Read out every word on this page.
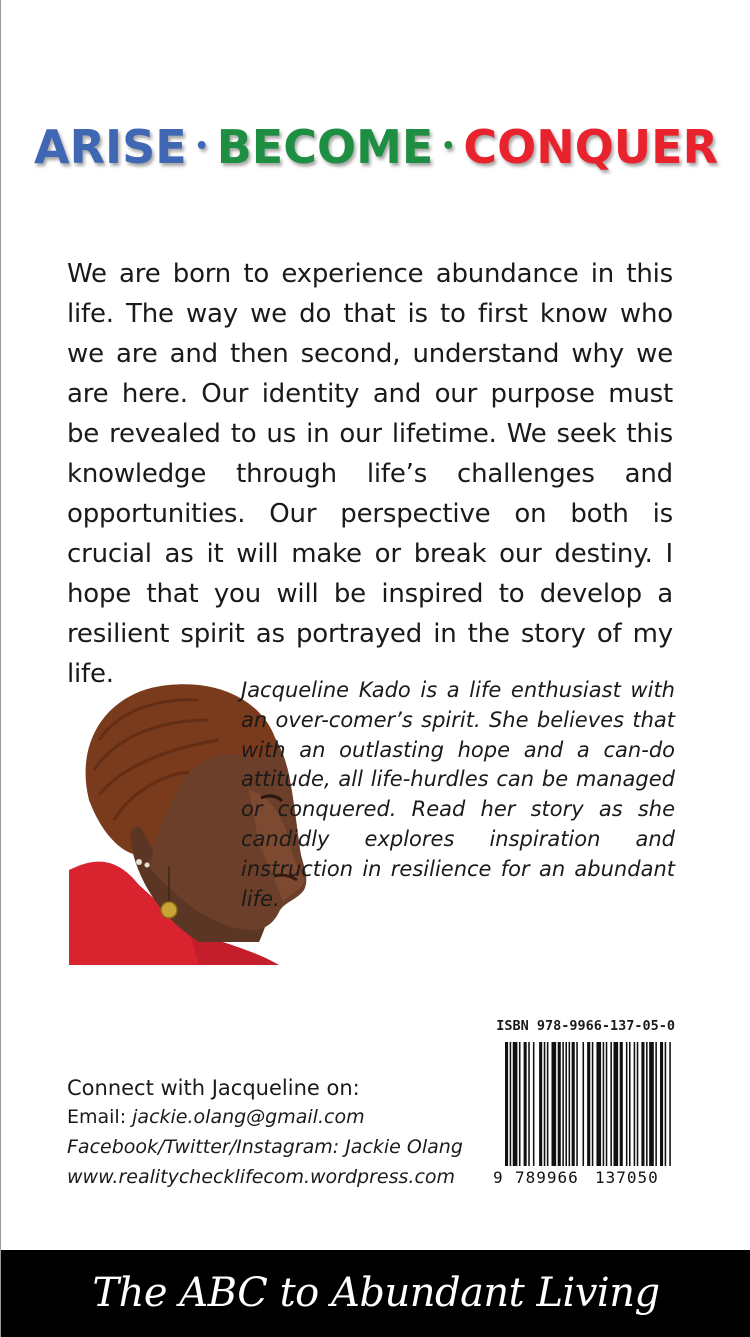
ARISE • BECOME • CONQUER

We are born to experience abundance in this life. The way we do that is to first know who we are and then second, understand why we are here. Our identity and our purpose must be revealed to us in our lifetime. We seek this knowledge through life’s challenges and opportunities. Our perspective on both is crucial as it will make or break our destiny. I hope that you will be inspired to develop a resilient spirit as portrayed in the story of my life.

Jacqueline Kado is a life enthusiast with an over-comer’s spirit. She believes that with an outlasting hope and a can-do attitude, all life-hurdles can be managed or conquered. Read her story as she candidly explores inspiration and instruction in resilience for an abundant life.
ISBN 978-9966-137-05-0
9 789966 137050
Connect with Jacqueline on:
Email: jackie.olang@gmail.com
Facebook/Twitter/Instagram: Jackie Olang
www.realitychecklifecom.wordpress.com
The ABC to Abundant Living
